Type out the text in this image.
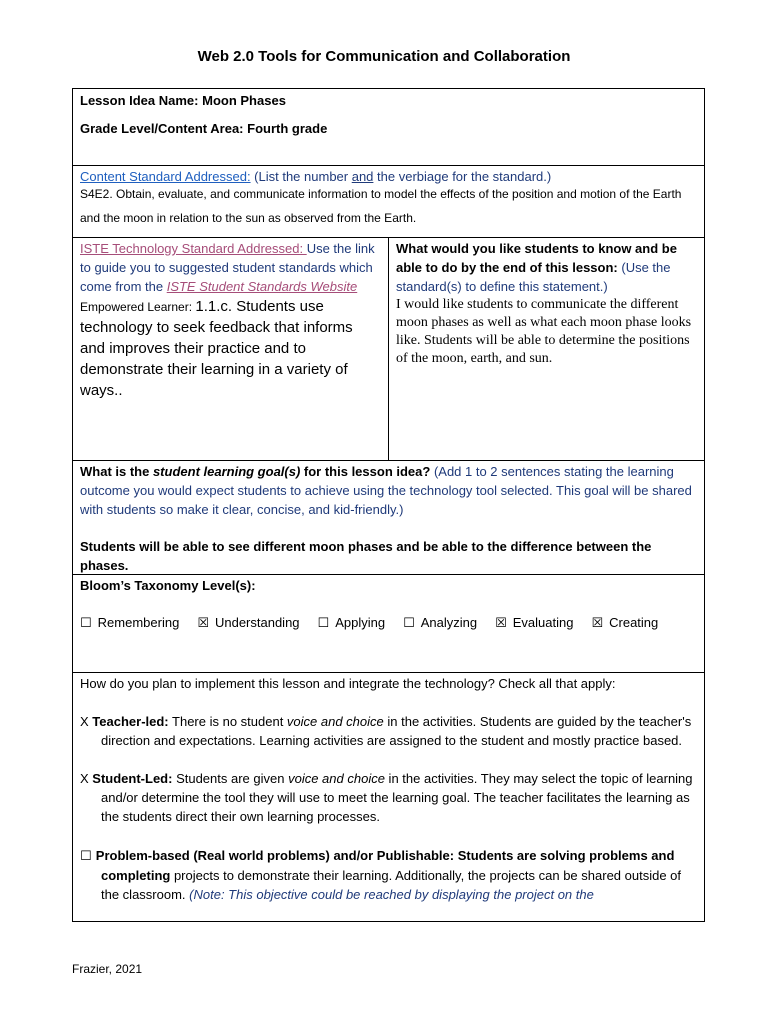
Web 2.0 Tools for Communication and Collaboration
Lesson Idea Name: Moon Phases
Grade Level/Content Area: Fourth grade
Content Standard Addressed: (List the number and the verbiage for the standard.)
S4E2. Obtain, evaluate, and communicate information to model the effects of the position and motion of the Earth and the moon in relation to the sun as observed from the Earth.
ISTE Technology Standard Addressed: Use the link to guide you to suggested student standards which come from the ISTE Student Standards Website
Empowered Learner: 1.1.c. Students use technology to seek feedback that informs and improves their practice and to demonstrate their learning in a variety of ways..
What would you like students to know and be able to do by the end of this lesson: (Use the standard(s) to define this statement.)
I would like students to communicate the different moon phases as well as what each moon phase looks like. Students will be able to determine the positions of the moon, earth, and sun.
What is the student learning goal(s) for this lesson idea? (Add 1 to 2 sentences stating the learning outcome you would expect students to achieve using the technology tool selected. This goal will be shared with students so make it clear, concise, and kid-friendly.)
Students will be able to see different moon phases and be able to the difference between the phases.
Bloom’s Taxonomy Level(s):
☐ Remembering ☒ Understanding ☐ Applying ☐ Analyzing ☒ Evaluating ☒ Creating
How do you plan to implement this lesson and integrate the technology? Check all that apply:
X Teacher-led: There is no student voice and choice in the activities. Students are guided by the teacher's direction and expectations. Learning activities are assigned to the student and mostly practice based.
X Student-Led: Students are given voice and choice in the activities. They may select the topic of learning and/or determine the tool they will use to meet the learning goal. The teacher facilitates the learning as the students direct their own learning processes.
☐ Problem-based (Real world problems) and/or Publishable: Students are solving problems and completing projects to demonstrate their learning. Additionally, the projects can be shared outside of the classroom. (Note: This objective could be reached by displaying the project on the
Frazier, 2021
